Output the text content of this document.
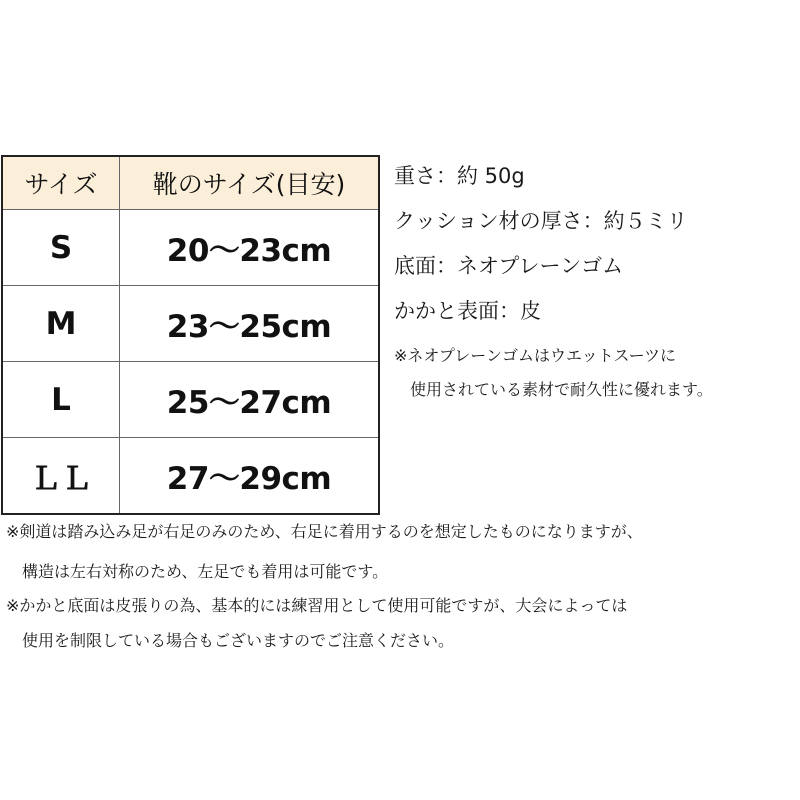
サイズ	靴のサイズ(目安)
S	20〜23cm
M	23〜25cm
L	25〜27cm
ＬＬ	27〜29cm
重さ：約 50g
クッション材の厚さ：約５ミリ
底面：ネオプレーンゴム
かかと表面：皮
※ネオプレーンゴムはウエットスーツに
　使用されている素材で耐久性に優れます。
※剣道は踏み込み足が右足のみのため、右足に着用するのを想定したものになりますが、
　構造は左右対称のため、左足でも着用は可能です。
※かかと底面は皮張りの為、基本的には練習用として使用可能ですが、大会によっては
　使用を制限している場合もございますのでご注意ください。
